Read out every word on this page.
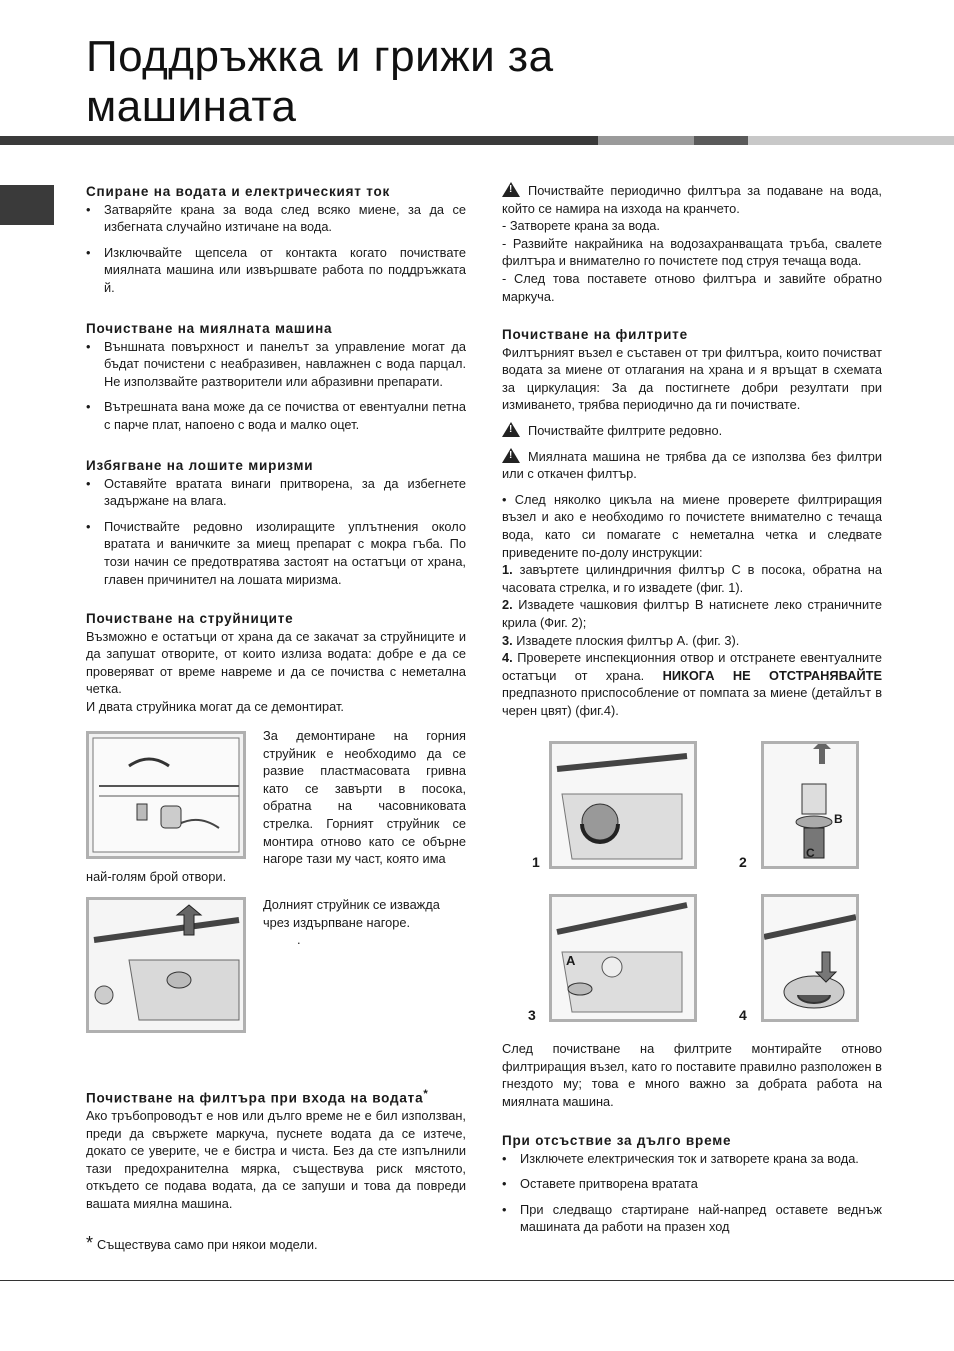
Поддръжка и грижи за
машината
Спиране на водата и електрическият ток
• Затваряйте крана за вода след всяко миене, за да се избегната случайно изтичане на вода.
• Изключвайте щепсела от контакта когато почиствате миялната машина или извършвате работа по поддръжката й.
Почистване на миялната машина
• Външната повърхност и панелът за управление могат да бъдат почистени с неабразивен, навлажнен с вода парцал. Не използвайте разтворители или абразивни препарати.
• Вътрешната вана може да се почиства от евентуални петна с парче плат, напоено с вода и малко оцет.
Избягване на лошите миризми
• Оставяйте вратата винаги притворена, за да избегнете задържане на влага.
• Почиствайте редовно изолиращите уплътнения около вратата и ваничките за миещ препарат с мокра гъба. По този начин се предотвратява застоят на остатъци от храна, главен причинител на лошата миризма.
Почистване на струйниците

Възможно е остатъци от храна да се закачат за струйниците и да запушат отворите, от които излиза водата: добре е да се проверяват от време навреме и да се почиства с неметална четка.

И двата струйника могат да се демонтират.

За демонтиране на горния струйник е необходимо да се развие пластмасовата гривна като се завърти в посока, обратна на часовниковата стрелка. Горният струйник се монтира отново като се обърне нагоре тази му част, която има

най-голям брой отвори.

Долният струйник се изважда чрез издърпване нагоре.

.

Почистване на филтъра при входа на водата*

Ако тръбопроводът е нов или дълго време не е бил използван, преди да свържете маркуча, пуснете водата да се изтече, докато се уверите, че е бистра и чиста. Без да сте изпълнили тази предохранителна мярка, съществува риск мястото, откъдето се подава водата, да се запуши и това да повреди вашата миялна машина.

* Съществува само при някои модели.

!Почиствайте периодично филтъра за подаване на вода, който се намира на изхода на кранчето.

- Затворете крана за вода.

- Развийте накрайника на водозахранващата тръба, свалете филтъра и внимателно го почистете под струя течаща вода.

- След това поставете отново филтъра и завийте обратно маркуча.

Почистване на филтрите

Филтърният възел е съставен от три филтъра, които почистват водата за миене от отлагания на храна и я връщат в схемата за циркулация: За да постигнете добри резултати при измиването, трябва периодично да ги почиствате.

!Почиствайте филтрите редовно.

!Миялната машина не трябва да се използва без филтри или с откачен филтър.

• След няколко цикъла на миене проверете филтриращия възел и ако е необходимо го почистете внимателно с течаща вода, като си помагате с неметална четка и следвате приведените по-долу инструкции:

1. завъртете цилиндричния филтър С в посока, обратна на часовата стрелка, и го извадете (фиг. 1).

2. Извадете чашковия филтър В натиснете леко страничните крила (Фиг. 2);

3. Извадете плоския филтър А. (фиг. 3).

4. Проверете инспекционния отвор и отстранете евентуалните остатъци от храна. НИКОГА НЕ ОТСТРАНЯВАЙТЕ предпазното приспособление от помпата за миене (детайлът в черен цвят) (фиг.4).

1
B
C
2
A
3	4

След почистване на филтрите монтирайте отново филтриращия възел, като го поставите правилно разположен в гнездото му; това е много важно за добрата работа на миялната машина.

При отсъствие за дълго време
• Изключете електрическия ток и затворете крана за вода.
• Оставете притворена вратата
• При следващо стартиране най-напред оставете веднъж машината да работи на празен ход
